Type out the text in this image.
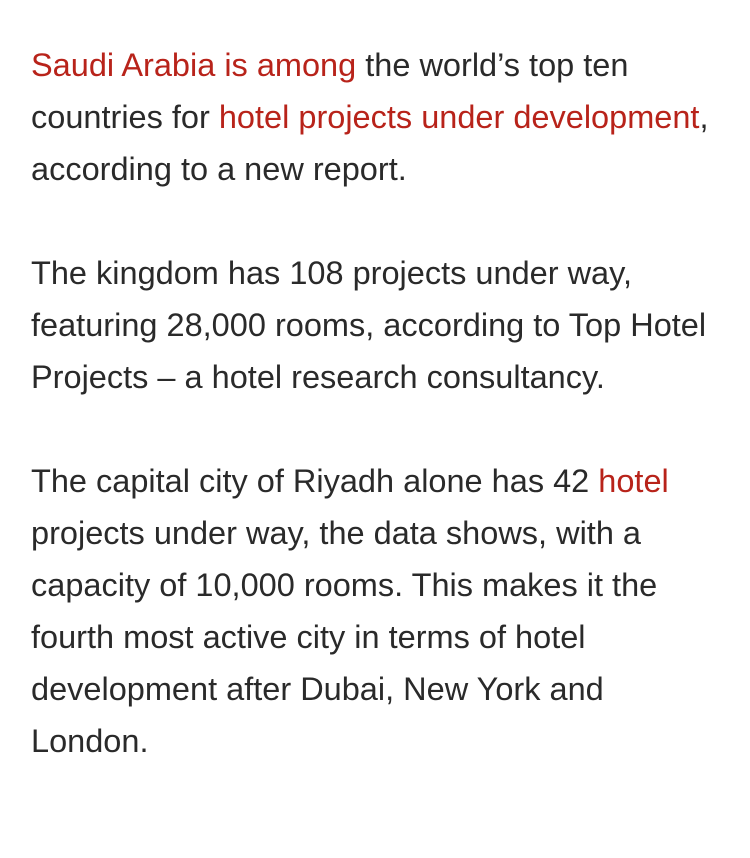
Saudi Arabia is among the world’s top ten countries for hotel projects under development, according to a new report.

The kingdom has 108 projects under way, featuring 28,000 rooms, according to Top Hotel Projects – a hotel research consultancy.

The capital city of Riyadh alone has 42 hotel projects under way, the data shows, with a capacity of 10,000 rooms. This makes it the fourth most active city in terms of hotel development after Dubai, New York and London.
